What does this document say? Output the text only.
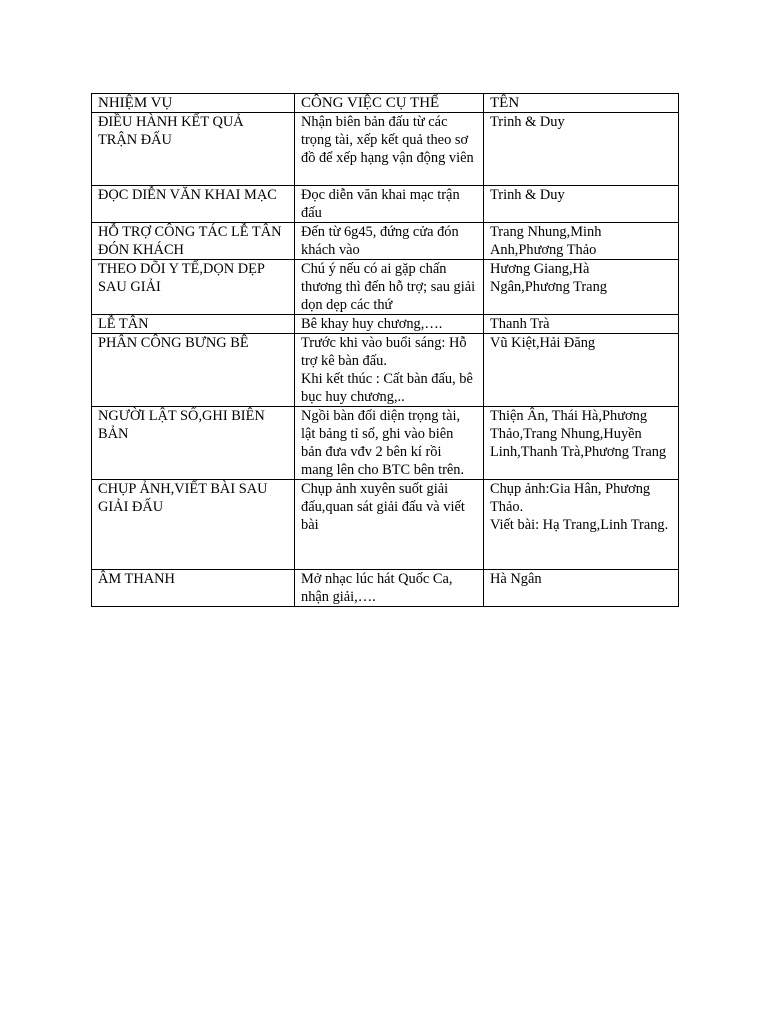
NHIỆM VỤ	CÔNG VIỆC CỤ THỂ	TÊN
ĐIỀU HÀNH KẾT QUẢ
TRẬN ĐẤU	Nhận biên bản đấu từ các trọng tài, xếp kết quả theo sơ đồ để xếp hạng vận động viên	Trinh & Duy
ĐỌC DIỄN VĂN KHAI MẠC	Đọc diễn văn khai mạc trận đấu	Trinh & Duy
HỖ TRỢ CÔNG TÁC LỄ TÂN ĐÓN KHÁCH	Đến từ 6g45, đứng cửa đón khách vào	Trang Nhung,Minh Anh,Phương Thảo
THEO DÕI Y TẾ,DỌN DẸP SAU GIẢI	Chú ý nếu có ai gặp chấn thương thì đến hỗ trợ; sau giải dọn dẹp các thứ	Hương Giang,Hà Ngân,Phương Trang
LỄ TÂN	Bê khay huy chương,….	Thanh Trà
PHÂN CÔNG BƯNG BÊ	Trước khi vào buổi sáng: Hỗ trợ kê bàn đấu.
Khi kết thúc : Cất bàn đấu, bê bục huy chương,..	Vũ Kiệt,Hải Đăng
NGƯỜI LẬT SỐ,GHI BIÊN BẢN	Ngồi bàn đối diện trọng tài, lật bảng tỉ số, ghi vào biên bản đưa vđv 2 bên kí rồi mang lên cho BTC bên trên.	Thiện Ân, Thái Hà,Phương Thảo,Trang Nhung,Huyền Linh,Thanh Trà,Phương Trang
CHỤP ẢNH,VIẾT BÀI SAU GIẢI ĐẤU	Chụp ảnh xuyên suốt giải đấu,quan sát giải đấu và viết bài	Chụp ảnh:Gia Hân, Phương Thảo.
Viết bài: Hạ Trang,Linh Trang.
ÂM THANH	Mở nhạc lúc hát Quốc Ca, nhận giải,….	Hà Ngân
